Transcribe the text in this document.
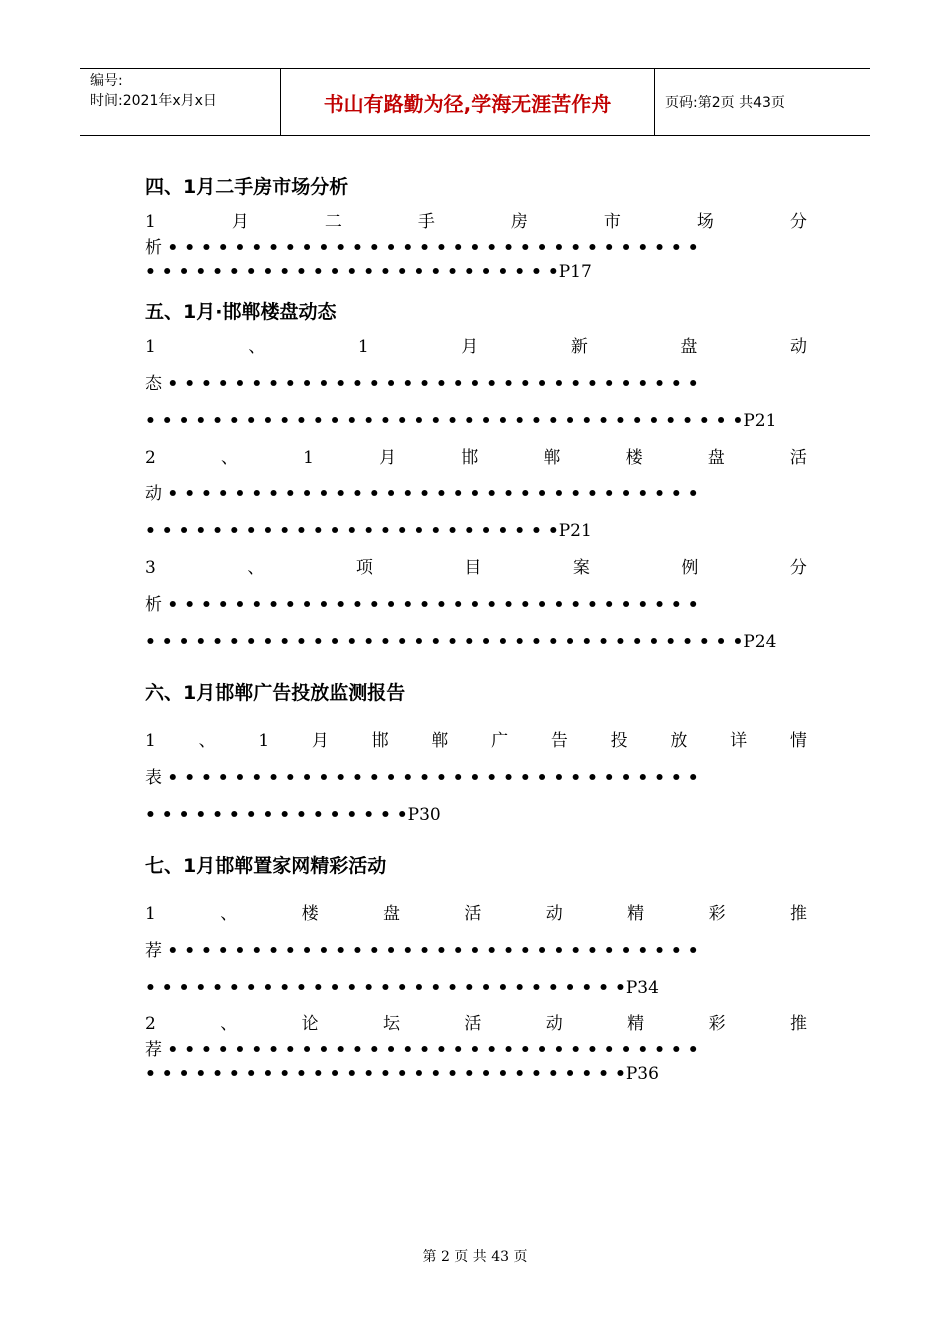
编号:
时间:2021年x月x日	书山有路勤为径,学海无涯苦作舟	页码:第2页 共43页
四、1月二手房市场分析
1	月	二	手	房	市	场	分
析 • • • • • • • • • • • • • • • • • • • • • • • • • • • • • • • •
• • • • • • • • • • • • • • • • • • • • • • • • •P17
五、1月·邯郸楼盘动态
1	、	1	月	新	盘	动
态 • • • • • • • • • • • • • • • • • • • • • • • • • • • • • • • •
• • • • • • • • • • • • • • • • • • • • • • • • • • • • • • • • • • • •P21
2	、	1	月	邯	郸	楼	盘	活
动 • • • • • • • • • • • • • • • • • • • • • • • • • • • • • • • •
• • • • • • • • • • • • • • • • • • • • • • • • •P21
3	、	项	目	案	例	分
析 • • • • • • • • • • • • • • • • • • • • • • • • • • • • • • • •
• • • • • • • • • • • • • • • • • • • • • • • • • • • • • • • • • • • •P24
六、1月邯郸广告投放监测报告
1	、	1	月	邯	郸	广	告	投	放	详	情
表 • • • • • • • • • • • • • • • • • • • • • • • • • • • • • • • •
• • • • • • • • • • • • • • • •P30
七、1月邯郸置家网精彩活动
1	、	楼	盘	活	动	精	彩	推
荐 • • • • • • • • • • • • • • • • • • • • • • • • • • • • • • • •
• • • • • • • • • • • • • • • • • • • • • • • • • • • • •P34
2	、	论	坛	活	动	精	彩	推
荐 • • • • • • • • • • • • • • • • • • • • • • • • • • • • • • • •
• • • • • • • • • • • • • • • • • • • • • • • • • • • • •P36
第 2 页 共 43 页
